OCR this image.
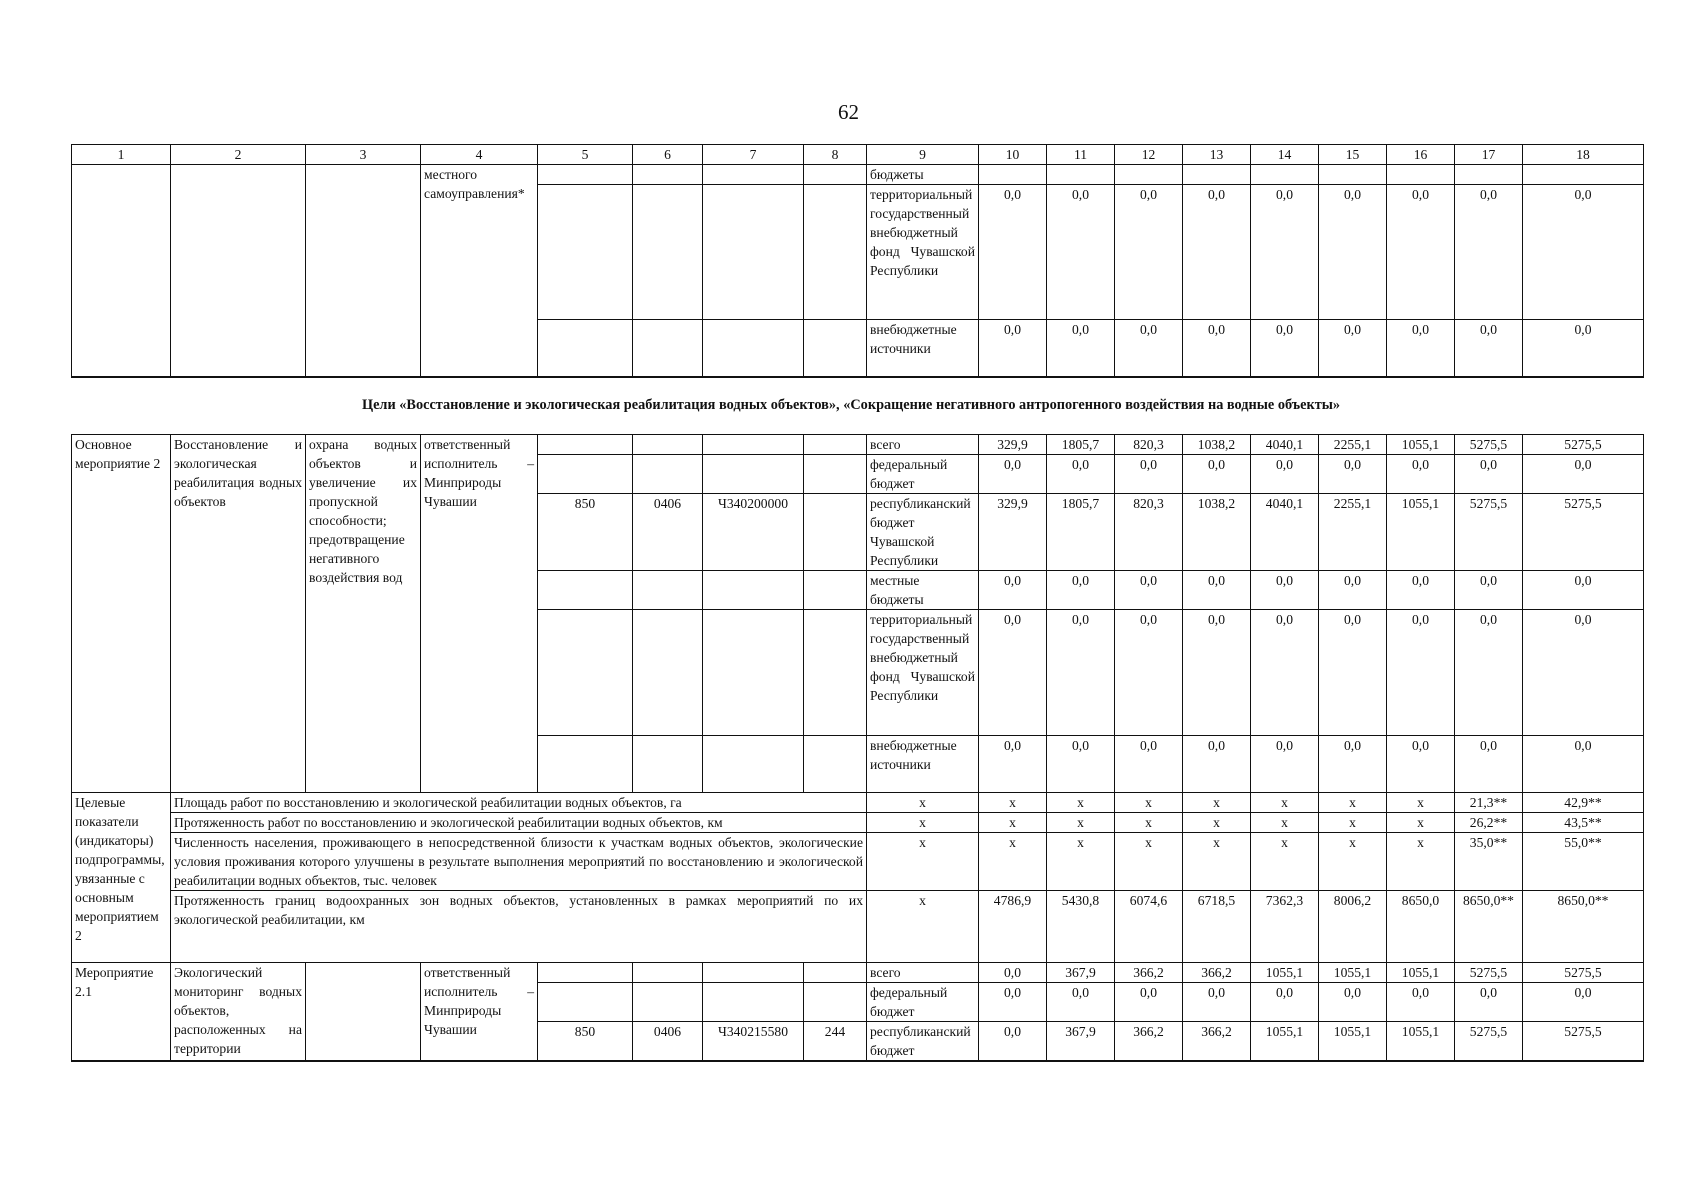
62
1	2	3	4	5	6	7	8	9	10	11	12	13	14	15	16	17	18
			местного самоуправления*					бюджеты									
								территориальный государственный внебюджетный фонд Чувашской Республики	0,0	0,0	0,0	0,0	0,0	0,0	0,0	0,0	0,0
								внебюджетные источники	0,0	0,0	0,0	0,0	0,0	0,0	0,0	0,0	0,0
Цели «Восстановление и экологическая реабилитация водных объектов», «Сокращение негативного антропогенного воздействия на водные объекты»
Основное мероприятие 2	Восстановление и экологическая реабилитация водных объектов	охрана водных объектов и увеличение их пропускной способности; предотвращение негативного воздействия вод	ответственный исполнитель – Минприроды Чувашии					всего	329,9	1805,7	820,3	1038,2	4040,1	2255,1	1055,1	5275,5	5275,5
								федеральный бюджет	0,0	0,0	0,0	0,0	0,0	0,0	0,0	0,0	0,0
				850	0406	Ч340200000		республиканский бюджет Чувашской Республики	329,9	1805,7	820,3	1038,2	4040,1	2255,1	1055,1	5275,5	5275,5
								местные бюджеты	0,0	0,0	0,0	0,0	0,0	0,0	0,0	0,0	0,0
								территориальный государственный внебюджетный фонд Чувашской Республики	0,0	0,0	0,0	0,0	0,0	0,0	0,0	0,0	0,0
								внебюджетные источники	0,0	0,0	0,0	0,0	0,0	0,0	0,0	0,0	0,0
Целевые показатели (индикаторы) подпрограммы, увязанные с основным мероприятием 2	Площадь работ по восстановлению и экологической реабилитации водных объектов, га							x	x	x	x	x	x	x	x	21,3**	42,9**
	Протяженность работ по восстановлению и экологической реабилитации водных объектов, км							x	x	x	x	x	x	x	x	26,2**	43,5**
	Численность населения, проживающего в непосредственной близости к участкам водных объектов, экологические условия проживания которого улучшены в результате выполнения мероприятий по восстановлению и экологической реабилитации водных объектов, тыс. человек							x	x	x	x	x	x	x	x	35,0**	55,0**
	Протяженность границ водоохранных зон водных объектов, установленных в рамках мероприятий по их экологической реабилитации, км							x	4786,9	5430,8	6074,6	6718,5	7362,3	8006,2	8650,0	8650,0**	8650,0**
Мероприятие 2.1	Экологический мониторинг водных объектов, расположенных на территории		ответственный исполнитель – Минприроды Чувашии					всего	0,0	367,9	366,2	366,2	1055,1	1055,1	1055,1	5275,5	5275,5
								федеральный бюджет	0,0	0,0	0,0	0,0	0,0	0,0	0,0	0,0	0,0
				850	0406	Ч340215580	244	республиканский бюджет	0,0	367,9	366,2	366,2	1055,1	1055,1	1055,1	5275,5	5275,5
